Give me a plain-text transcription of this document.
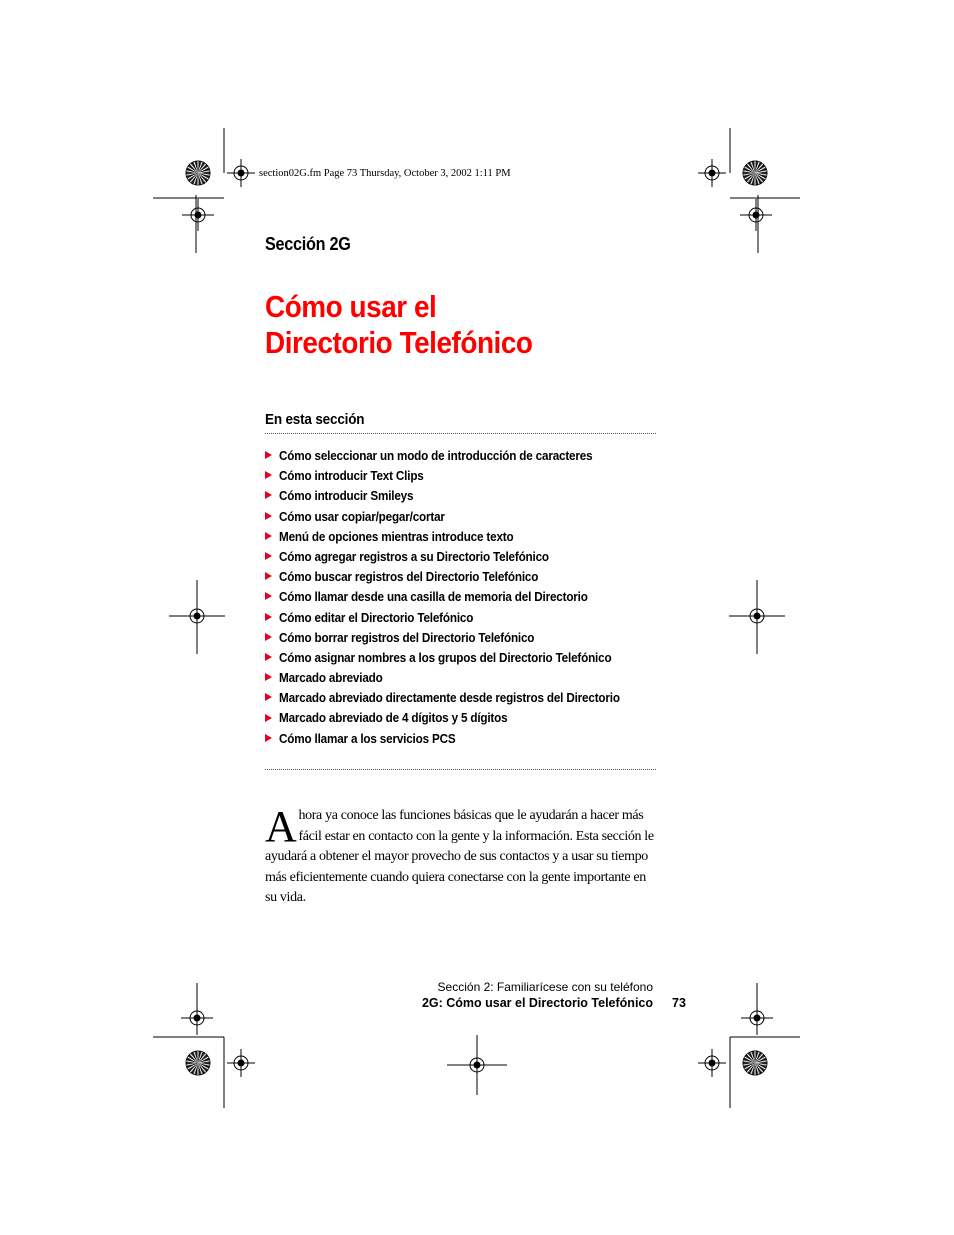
section02G.fm Page 73 Thursday, October 3, 2002 1:11 PM
Sección 2G
Cómo usar el
Directorio Telefónico
En esta sección
Cómo seleccionar un modo de introducción de caracteres
Cómo introducir Text Clips
Cómo introducir Smileys
Cómo usar copiar/pegar/cortar
Menú de opciones mientras introduce texto
Cómo agregar registros a su Directorio Telefónico
Cómo buscar registros del Directorio Telefónico
Cómo llamar desde una casilla de memoria del Directorio
Cómo editar el Directorio Telefónico
Cómo borrar registros del Directorio Telefónico
Cómo asignar nombres a los grupos del Directorio Telefónico
Marcado abreviado
Marcado abreviado directamente desde registros del Directorio
Marcado abreviado de 4 dígitos y 5 dígitos
Cómo llamar a los servicios PCS
A hora ya conoce las funciones básicas que le ayudarán a hacer más fácil estar en contacto con la gente y la información. Esta sección le ayudará a obtener el mayor provecho de sus contactos y a usar su tiempo más eficientemente cuando quiera conectarse con la gente importante en su vida.
Sección 2: Familiarícese con su teléfono
2G: Cómo usar el Directorio Telefónico 73
